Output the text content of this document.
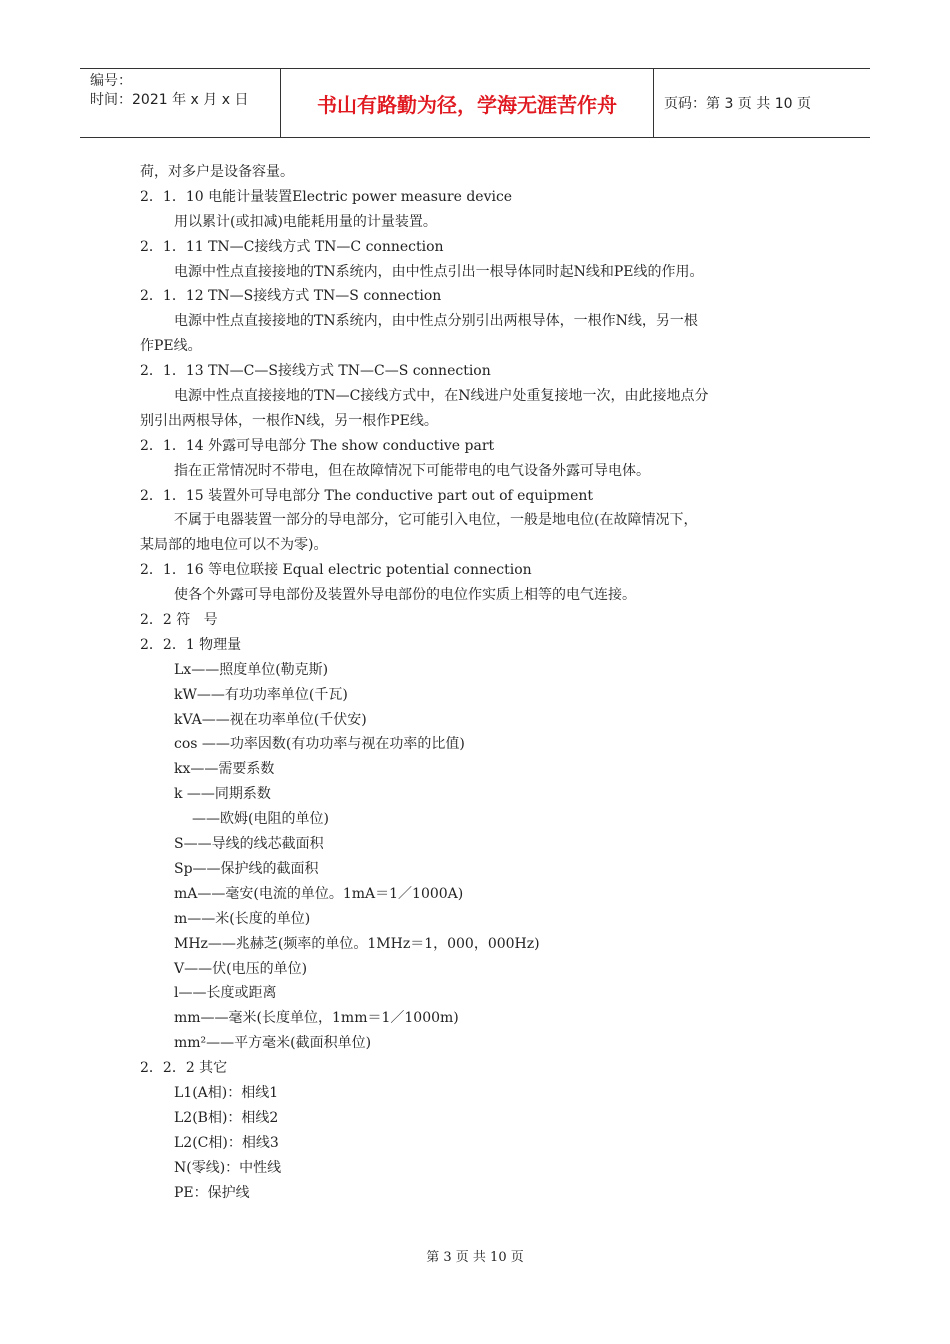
编号：
时间：2021 年 x 月 x 日	书山有路勤为径，学海无涯苦作舟	页码：第 3 页 共 10 页
荷，对多户是设备容量。
2．1．10 电能计量装置Electric power measure device
用以累计(或扣减)电能耗用量的计量装置。
2．1．11 TN—C接线方式 TN—C connection
电源中性点直接接地的TN系统内，由中性点引出一根导体同时起N线和PE线的作用。
2．1．12 TN—S接线方式 TN—S connection
电源中性点直接接地的TN系统内，由中性点分别引出两根导体，一根作N线，另一根
作PE线。
2．1．13 TN—C—S接线方式 TN—C—S connection
电源中性点直接接地的TN—C接线方式中，在N线进户处重复接地一次，由此接地点分
别引出两根导体，一根作N线，另一根作PE线。
2．1．14 外露可导电部分 The show conductive part
指在正常情况时不带电，但在故障情况下可能带电的电气设备外露可导电体。
2．1．15 装置外可导电部分 The conductive part out of equipment
不属于电器装置一部分的导电部分，它可能引入电位，一般是地电位(在故障情况下，
某局部的地电位可以不为零)。
2．1．16 等电位联接 Equal electric potential connection
使各个外露可导电部份及装置外导电部份的电位作实质上相等的电气连接。
2．2 符   号
2．2．1 物理量
Lx——照度单位(勒克斯)
kW——有功功率单位(千瓦)
kVA——视在功率单位(千伏安)
cos ——功率因数(有功功率与视在功率的比值)
kx——需要系数
k ——同期系数
——欧姆(电阻的单位)
S——导线的线芯截面积
Sp——保护线的截面积
mA——毫安(电流的单位。1mA＝1／1000A)
m——米(长度的单位)
MHz——兆赫芝(频率的单位。1MHz＝1，000，000Hz)
V——伏(电压的单位)
l——长度或距离
mm——毫米(长度单位，1mm＝1／1000m)
mm²——平方毫米(截面积单位)
2．2．2 其它
L1(A相)：相线1
L2(B相)：相线2
L2(C相)：相线3
N(零线)：中性线
PE：保护线
第 3 页 共 10 页
